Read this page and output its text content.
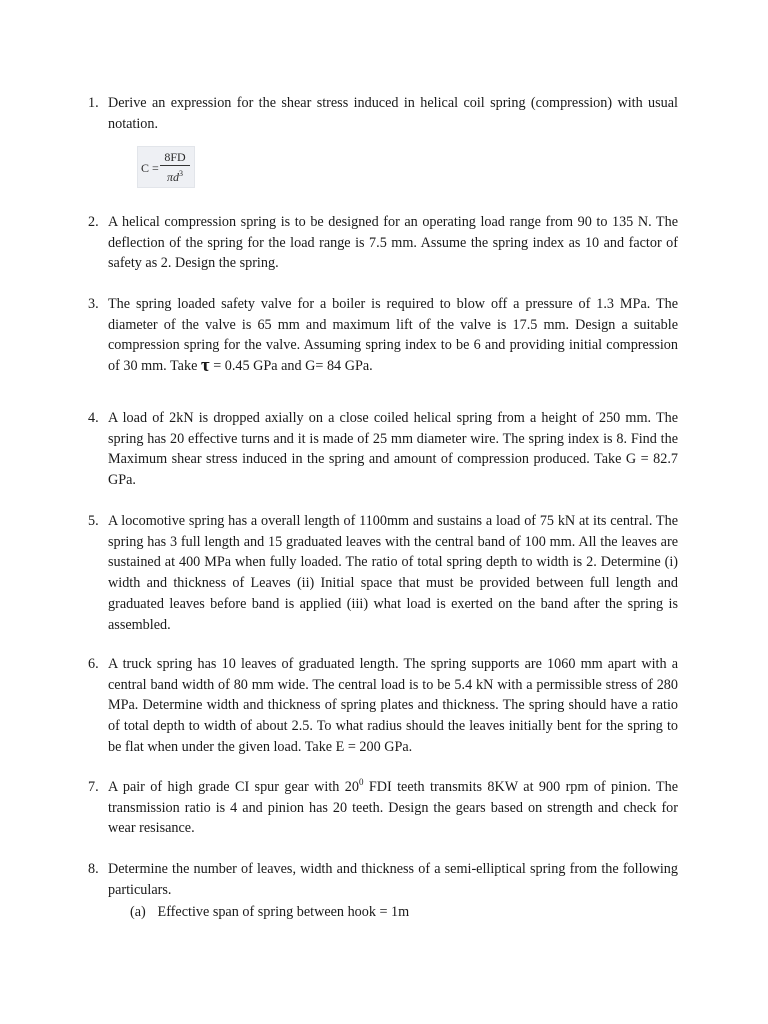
1. Derive an expression for the shear stress induced in helical coil spring (compression) with usual notation.
$C = \frac{8FD}{\pi d^3}$
2. A helical compression spring is to be designed for an operating load range from 90 to 135 N. The deflection of the spring for the load range is 7.5 mm. Assume the spring index as 10 and factor of safety as 2. Design the spring.
3. The spring loaded safety valve for a boiler is required to blow off a pressure of 1.3 MPa. The diameter of the valve is 65 mm and maximum lift of the valve is 17.5 mm. Design a suitable compression spring for the valve. Assuming spring index to be 6 and providing initial compression of 30 mm. Take τ = 0.45 GPa and G= 84 GPa.
4. A load of 2kN is dropped axially on a close coiled helical spring from a height of 250 mm. The spring has 20 effective turns and it is made of 25 mm diameter wire. The spring index is 8. Find the Maximum shear stress induced in the spring and amount of compression produced. Take G = 82.7 GPa.
5. A locomotive spring has a overall length of 1100mm and sustains a load of 75 kN at its central. The spring has 3 full length and 15 graduated leaves with the central band of 100 mm. All the leaves are sustained at 400 MPa when fully loaded. The ratio of total spring depth to width is 2. Determine (i) width and thickness of Leaves (ii) Initial space that must be provided between full length and graduated leaves before band is applied (iii) what load is exerted on the band after the spring is assembled.
6. A truck spring has 10 leaves of graduated length. The spring supports are 1060 mm apart with a central band width of 80 mm wide. The central load is to be 5.4 kN with a permissible stress of 280 MPa. Determine width and thickness of spring plates and thickness. The spring should have a ratio of total depth to width of about 2.5. To what radius should the leaves initially bent for the spring to be flat when under the given load. Take E = 200 GPa.
7. A pair of high grade CI spur gear with $20^0$ FDI teeth transmits 8KW at 900 rpm of pinion. The transmission ratio is 4 and pinion has 20 teeth. Design the gears based on strength and check for wear resisance.
8. Determine the number of leaves, width and thickness of a semi-elliptical spring from the following particulars.
(a) Effective span of spring between hook = 1m
